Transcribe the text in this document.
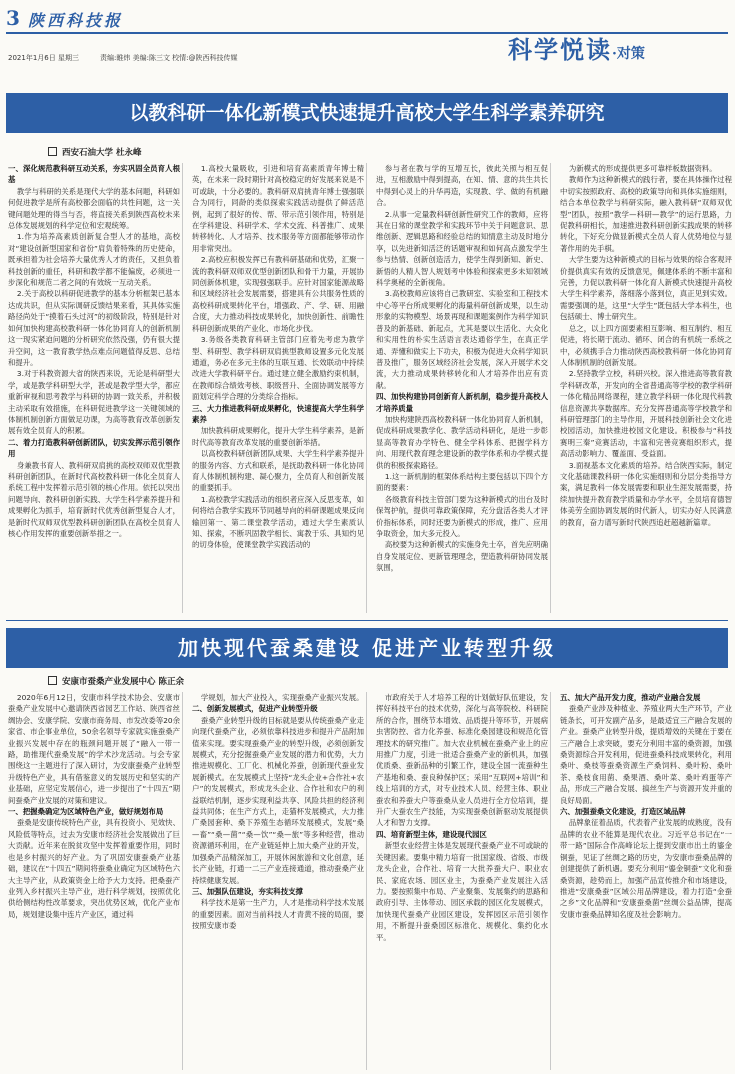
3 陕西科技报
2021年1月6日 星期三	责编:睢炜 美编:陈三文 校情:@陕西科技传媒	科学悦读·对策
以教科研一体化新模式快速提升高校大学生科学素养研究
西安石油大学 杜永峰

一、深化规范教科研互动关系，夯实巩固全员育人根基

教学与科研的关系是现代大学的基本问题，科研如何促进教学是所有高校都会面临的共性问题，这一关键问题处理的得当与否，将直接关系到陕西高校未来总体发展规划的科学定位和宏观统筹。

1.作为培养高素质创新复合型人才的基地，高校对“建设创新型国家和省份”肩负着特殊的历史使命，既承担着为社会培养大量优秀人才的责任，又担负着科技创新的重任，科研和教学都不能偏废，必须进一步深化和规范二者之间的有效统一互动关系。

2.关于高校以科研促进教学的基本分析框架已基本达成共识，但从实际调研反馈结果来看，其具体实施路径尚处于“摸着石头过河”的初级阶段，特别是针对如何加快构建高校教科研一体化协同育人的创新机制这一现实紧迫问题的分析研究依然没强，仍有很大提升空间，这一教育教学热点难点问题值得反思、总结和提升。

3.对于科教资源大省的陕西来说，无论是科研型大学，或是教学科研型大学，甚或是教学型大学，都应重新审视和思考教学与科研的协调一致关系，并积极主动采取有效措施，在科研促进教学这一关键领域的体制机制创新方面做足功课，为高等教育改革创新发展有效全员育人的积累。

二、着力打造教科研创新团队，切实发挥示范引领作用

身兼教书育人、教科研双肩挑的高校双师双优型教科研创新团队，在新时代高校教科研一体化全员育人系统工程中发挥着示范引领的核心作用。依托以突出问题导向、教科研创新实践、大学生科学素养提升和成果孵化为抓手，培育新时代优秀创新型复合人才，是新时代双师双优型教科研创新团队在高校全员育人核心作用发挥的重要创新举措之一。

1.高校大量吸收，引进和培育高素质青年博士精英，在未来一段时期针对高校稳定的好发展来说是不可或缺，十分必要的。教科研双肩挑青年博士强强联合为同行，同龄的类似探索实践活动提供了鲜活范例，起到了很好的传、帮、带示范引领作用，特别是在学科建设、科研学术、学术交流、科普推广、成果转移转化、人才培养、技术服务等方面都能够带动作用非常突出。

2.高校应积极发挥已有教科研基础和优势，汇聚一流的教科研双师双优型创新团队和骨干力量，开展协同创新体机建，实现强强联手。应针对国家能源战略和区域经济社会发展需要，搭建具有公共服务性质的高校科研成果转化平台，增强政、产、学、研、用融合度，大力推动科技成果转化，加快创新性、前瞻性科研创新成果的产业化、市场化步伐。

3.务级各类教育科研主管部门应着先考虑为教学型、科研型、教学科研双肩挑型教师设置多元化发展通道，务必在多元主体的互联互通、长效联动中持续改进大学教科研平台。通过建立健全激励约束机制，在教师综合绩效考核、职级晋升、全面协调发展等方面划定科学合理的分类综合指标。

三、大力推进教科研成果孵化，快速提高大学生科学素养

加快教科研成果孵化，提升大学生科学素养，是新时代高等教育改革发展的重要创新举措。

以高校教科研创新团队成果、大学生科学素养提升的服务内容、方式和联系，是抚助教科研一体化协同育人体制机制构建、凝心聚力，全员育人和创新发展的重要抓手。

1.高校教学实践活动的组织者应深入反思变革，如何将结合教学实践环节同越导向的科研课题成果反向输回第一、第二课堂教学活动，通过大学生素质认知、探索，不断巩固教学相长、寓教于乐、具知灼见的切身体验，使课堂教学实践活动的

参与者在教与学的互增互长，彼此关照与相互促进，互相激励中得到提高，在知、情、意的共生共长中得到心灵上的升华再造，实现教、学、做的有机融合。

2.从事一定量教科研创新性研究工作的教师，应将其在日常的课堂教学和实践环节中关于问题意识、思维创新、逻辑思路和经验总结的知情意主动及时地分享，以先进新知活泛的话题审视和如何高点激发学生参与热情、创新创造活力，使学生得到新知、新史、新悟的人精人智人规划考中体验和探索更多未知领域科学奥秘的全新视角。

3.高校教师应该将自己教研室、实验室和工程技术中心等平台所成果孵化的海量科研创新成果，以生动形象的实物模型、场景再现和课题案例作为科学知识普及的新基础、新起点，尤其是要以生活化、大众化和实用性的朴实生活语言表达通俗学生，在真正学通、弄懂和做实上下功夫，积极为促进大众科学知识普及推广，服务区域经济社会发展，深入开展学术交流，大力推动成果转移转化和人才培养作出应有贡献。

四、加快构建协同创新育人新机制，稳步提升高校人才培养质量

加快构建陕西高校教科研一体化协同育人新机制，促成科研成果教学化、教学活动科研化，是进一步彰显高等教育办学特色、健全学科体系、把握学科方向、用现代教育理念建设新的教学体系和办学模式提供的积极探索路径。

1.这一新机制的框架体系结构主要包括以下四个方面的要素：

各级教育科技主管部门要为这种新模式的出台及时保驾护航，提供可靠政策保障，充分盘活各类人才评价指标体系，同时还要为新模式的形成，推广、应用争取资金，加大多元投入。

高校要为这种新模式的实施身先士卒，首先应明确自身发展定位、更新管理理念，塑造教科研协同发展氛围，

为新模式的形成提供更多可靠样板数据资料。

教师作为这种新模式的践行者，要在具体操作过程中切实按照政府、高校的政策导向和具体实施细则，结合本单位教学与科研实际，融入教科研“双师双优型”团队，按照“教学—科研—教学”的运行思路，力促教科研相长，加速推进教科研创新实践成果的转移转化，下好充分做显新模式全员人育人优势地位与显著作用的先手棋。

大学生要为这种新模式的目标与效果的综合客观评价提供真实有效的反馈意见，佩建体系的不断丰富和完善，力促以教科研一体化育人新模式快速提升高校大学生科学素养，落细落小落到位，真正见到实效。需要强调的是，这里“大学生”既包括大学本科生，也包括硕士、博士研究生。

总之，以上四方面要素相互影响、相互制约、相互促进，将长期于流动、循环、闭合的有机统一系统之中，必须携手合力推动陕西高校教科研一体化协同育人体制机制的创新发展。

2.坚持教学立校，科研兴校。深入推进高等教育教学科研改革，开发向的全省普通高等学校的教学科研一体化精品网络课程，建立教学科研一体化现代科教信息资源共享数据库。充分发挥普通高等学校教学和科研管理部门的主导作用，开展科技创新社会文化进校园活动，加快推进校园文化建设。积极参与“科技赛明三秦”竞赛活动，丰富和完善竞赛组织形式，提高活动影响力、覆盖面、受益面。

3.面视基本文化素质的培养。结合陕西实际，制定文化基础课教科研一体化实施细则和分层分类指导方案，满足教科一体发展需要和职业生涯发展需要，持续加快提升教育教学质量和办学水平，全员培育德智体美劳全面协调发展的时代新人，切实办好人民满意的教育，奋力谱写新时代陕西追赶超越新篇章。

加快现代蚕桑建设 促进产业转型升级
安康市蚕桑产业发展中心 陈正余

2020年6月12日，安康市科学技术协会、安康市蚕桑产业发展中心邀请陕西省园艺工作站、陕西省丝绸协会、安康学院、安康市商务局、市发改委等20余家省、市企事业单位，50余名领导专家就实施蚕桑产业振兴发展中存在的瓶颈问题开展了“融入一带一路，助推现代蚕桑发展”的学术沙龙活动。与会专家围绕这一主题进行了深入研讨，为安康蚕桑产业转型升级特色产业，具有借鉴意义的发展历史和坚实的产业基础，应坚定发展信心，进一步提出了“十四五”期间蚕桑产业发展的对策和建议。

一、把握桑确定为区域特色产业，做好规划布局

蚕桑是安康传统特色产业，具有投资小、见效快、风险低等特点，过去为安康市经济社会发展做出了巨大贡献。近年来在脱贫攻坚中发挥着重要作用，同时也是乡村振兴的好产业。为了巩固安康蚕桑产业基础，建议在“十四五”期间将蚕桑业确定为区域特色六大主导产业，从政策资金上给予大力支持。把桑蚕产业列入乡村振兴主导产业，进行科学规划，按照优化供给侧结构性改革要求，突出优势区域，优化产业布局，规划建设集中连片产业区，通过科

学规划，加大产业投入，实现蚕桑产业振兴发展。

二、创新发展模式，促进产业转型升级

蚕桑产业转型升级的目标就是要从传统蚕桑产业走向现代蚕桑产业，必须依靠科技进步和提升产品附加值来实现。要实现蚕桑产业的转型升级，必须创新发展模式，充分挖掘蚕桑产业发展的潜力和优势，大力推进规模化、工厂化、机械化养蚕，创新现代蚕业发展新模式。在发展模式上坚持“龙头企业+合作社+农户”的发展模式，形成龙头企业、合作社和农户的利益联结机制，逐步实现利益共享、风险共担的经济利益共同体；在生产方式上，走猫杯发展模式，大力推广桑园套种、桑下养殖生态循环发展模式，发展“桑—畜”“桑—菌”“桑—饮”“桑—旅”等多种经营，推动资源循环利用，在产业链延伸上加大桑产业的开发，加强桑产品精深加工，开展休闲旅游和文化创意，延长产业链，打通一二三产业连接通道，推动蚕桑产业持续健康发展。

三、加强队伍建设，夯实科技支撑

科学技术是第一生产力，人才是推动科学技术发展的重要因素。面对当前科技人才青黄不接的局面，要按照安康市委

市政府关于人才培养工程的计划做好队伍建设，发挥好科技平台的技术优势，深化与高等院校、科研院所的合作，围绕节本增效、品质提升等环节，开展病虫害防控、省力化养蚕、标准化桑园建设和规范化管理技术的研究推广。加大农业机械在蚕桑产业上的应用推广力度，引进一批适合蚕桑产业的新机具，加强优质桑、蚕新品种的引繁工作，建设全国一流蚕种生产基地和桑、蚕良种保护区；采用“互联网+培训”和线上培训的方式，对专业技术人员、经营主体、职业蚕农和养蚕大户等蚕桑从业人员进行全方位培训，提升广大蚕农生产技能，为实现蚕桑创新驱动发展提供人才和智力支撑。

四、培育新型主体，建设现代园区

新型农业经营主体是发展现代蚕桑产业不可或缺的关键因素。要集中精力培育一批国家级、省级、市级龙头企业，合作社、培育一大批养蚕大户、职业农民、家庭农场、园区业主，为蚕桑产业发展注入活力。要按照集中布局、产业聚集、发展集约的思路和政府引导、主体带动、园区承载的园区化发展模式，加快现代蚕桑产业园区建设，发挥园区示范引领作用，不断提升蚕桑园区标准化、规模化、集约化水平。

五、加大产品开发力度，推动产业融合发展

蚕桑产业涉及种植业、养殖业两大生产环节，产业链条长，可开发副产品多，是最适宜三产融合发展的产业。蚕桑产业转型升级，提质增效的关键在于要在三产融合上求突破，要充分利用丰富的桑资源，加强桑资源综合开发利用，促进蚕桑科技成果转化，利用桑叶、桑枝等蚕桑资源生产桑饲料、桑叶粉、桑叶茶、桑枝食用菌、桑果酒、桑叶菜、桑叶鸡蛋等产品，形成三产融合发展、搞丝生产与资源开发并重的良好局面。

六、加强蚕桑文化建设，打造区域品牌

品牌象征着品质，代表着产业发展的成熟度，没有品牌的农业不能算是现代农业。习近平总书记在“一带一路”国际合作高峰论坛上提到安康市出土的鎏金铜蚕，见证了丝绸之路的历史，为安康市蚕桑品牌的创建提供了新机遇。要充分利用“鎏金铜蚕”文化和蚕桑资源，趁势而上，加强产品宣传推介和市场建设，推进“安康桑蚕”区域公用品牌建设，着力打造“金蚕之乡”文化品牌和“安康蚕桑菌”丝绸公益品牌，提高安康市蚕桑品牌知名度及社会影响力。
